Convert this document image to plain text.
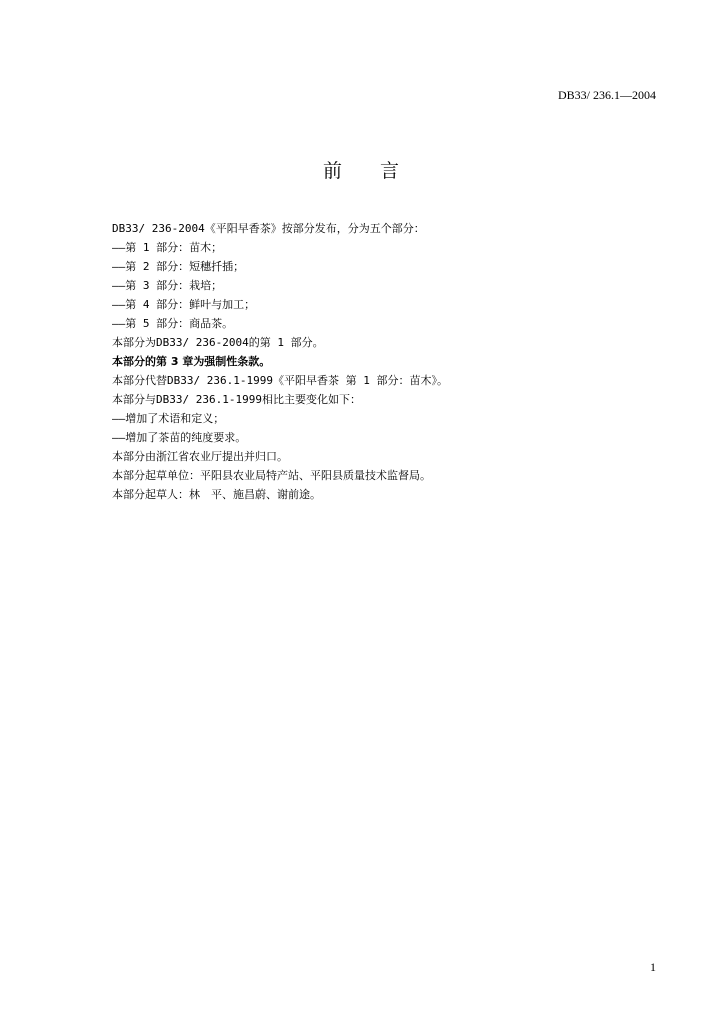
DB33/ 236.1—2004
前 言
DB33/ 236-2004《平阳早香茶》按部分发布，分为五个部分：
——第 1 部分：苗木；
——第 2 部分：短穗扦插；
——第 3 部分：栽培；
——第 4 部分：鲜叶与加工；
——第 5 部分：商品茶。
本部分为DB33/ 236-2004的第 1 部分。
本部分的第 3 章为强制性条款。
本部分代替DB33/ 236.1-1999《平阳早香茶 第 1 部分：苗木》。
本部分与DB33/ 236.1-1999相比主要变化如下：
——增加了术语和定义；
——增加了茶苗的纯度要求。
本部分由浙江省农业厅提出并归口。
本部分起草单位：平阳县农业局特产站、平阳县质量技术监督局。
本部分起草人：林　平、施昌蔚、谢前途。
1
